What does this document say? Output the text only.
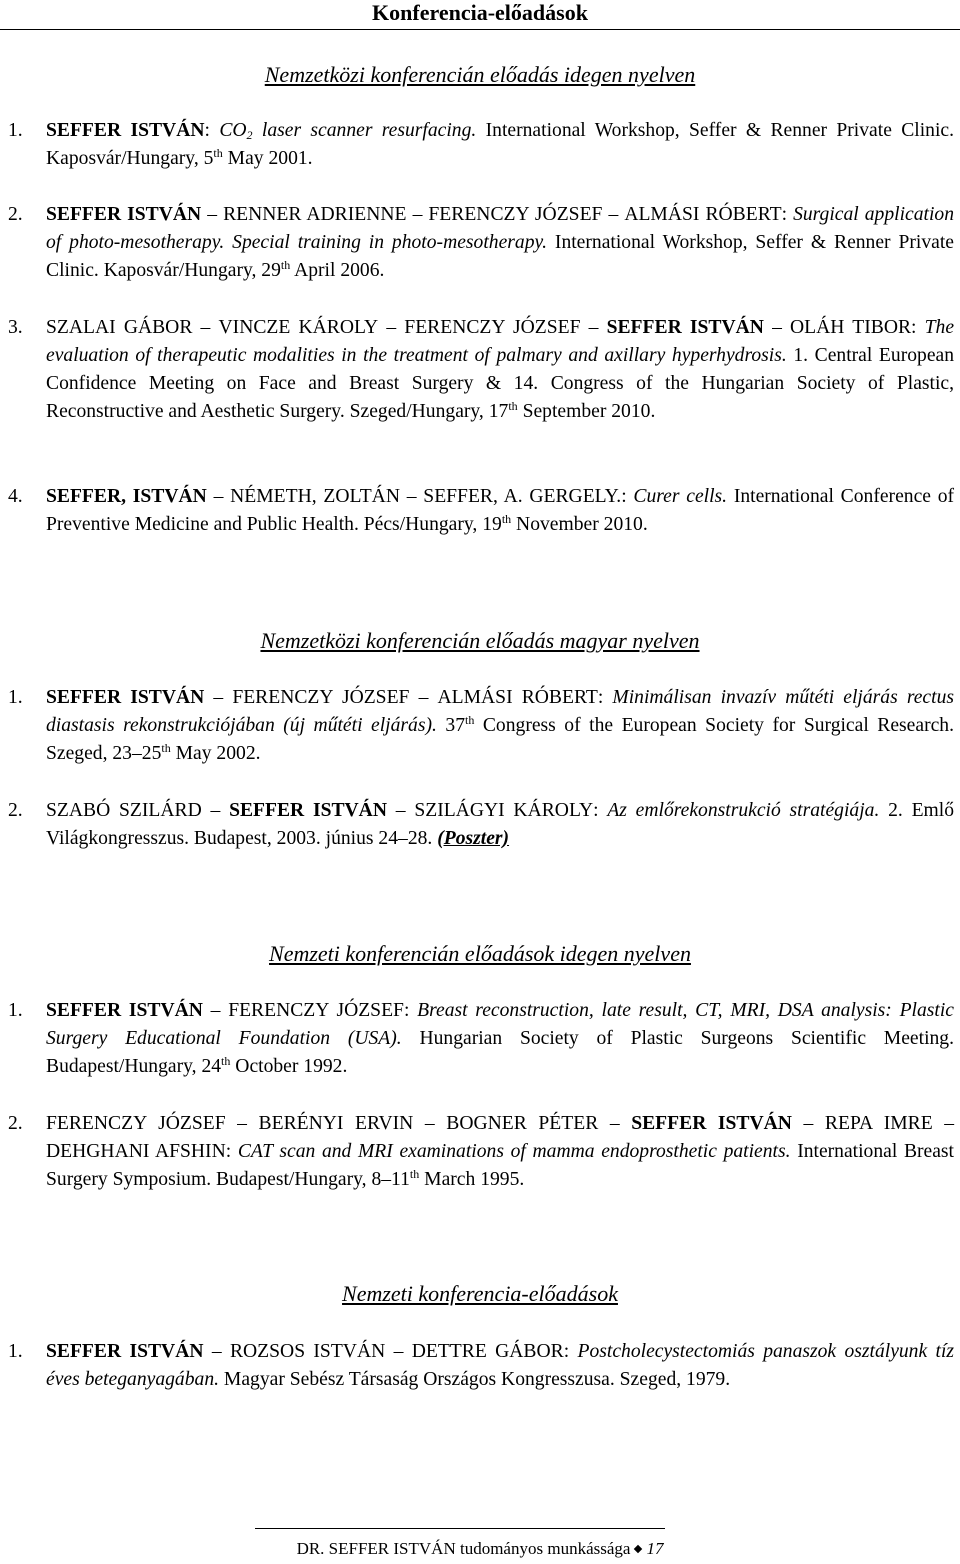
Konferencia-előadások
Nemzetközi konferencián előadás idegen nyelven
1. SEFFER ISTVÁN: $CO_2$ laser scanner resurfacing. International Workshop, Seffer & Renner Private Clinic. Kaposvár/Hungary, 5th May 2001.
2. SEFFER ISTVÁN – RENNER ADRIENNE – FERENCZY JÓZSEF – ALMÁSI RÓBERT: Surgical application of photo-mesotherapy. Special training in photo-mesotherapy. International Workshop, Seffer & Renner Private Clinic. Kaposvár/Hungary, 29th April 2006.
3. SZALAI GÁBOR – VINCZE KÁROLY – FERENCZY JÓZSEF – SEFFER ISTVÁN – OLÁH TIBOR: The evaluation of therapeutic modalities in the treatment of palmary and axillary hyperhydrosis. 1. Central European Confidence Meeting on Face and Breast Surgery & 14. Congress of the Hungarian Society of Plastic, Reconstructive and Aesthetic Surgery. Szeged/Hungary, 17th September 2010.
4. SEFFER, ISTVÁN – NÉMETH, ZOLTÁN – SEFFER, A. GERGELY.: Curer cells. International Conference of Preventive Medicine and Public Health. Pécs/Hungary, 19th November 2010.
Nemzetközi konferencián előadás magyar nyelven
1. SEFFER ISTVÁN – FERENCZY JÓZSEF – ALMÁSI RÓBERT: Minimálisan invazív műtéti eljárás rectus diastasis rekonstrukciójában (új műtéti eljárás). 37th Congress of the European Society for Surgical Research. Szeged, 23–25th May 2002.
2. SZABÓ SZILÁRD – SEFFER ISTVÁN – SZILÁGYI KÁROLY: Az emlőrekonstrukció stratégiája. 2. Emlő Világkongresszus. Budapest, 2003. június 24–28. (Poszter)
Nemzeti konferencián előadások idegen nyelven
1. SEFFER ISTVÁN – FERENCZY JÓZSEF: Breast reconstruction, late result, CT, MRI, DSA analysis: Plastic Surgery Educational Foundation (USA). Hungarian Society of Plastic Surgeons Scientific Meeting. Budapest/Hungary, 24th October 1992.
2. FERENCZY JÓZSEF – BERÉNYI ERVIN – BOGNER PÉTER – SEFFER ISTVÁN – REPA IMRE – DEHGHANI AFSHIN: CAT scan and MRI examinations of mamma endoprosthetic patients. International Breast Surgery Symposium. Budapest/Hungary, 8–11th March 1995.
Nemzeti konferencia-előadások
1. SEFFER ISTVÁN – ROZSOS ISTVÁN – DETTRE GÁBOR: Postcholecystectomiás panaszok osztályunk tíz éves beteganyagában. Magyar Sebész Társaság Országos Kongresszusa. Szeged, 1979.
DR. SEFFER ISTVÁN tudományos munkássága 17
